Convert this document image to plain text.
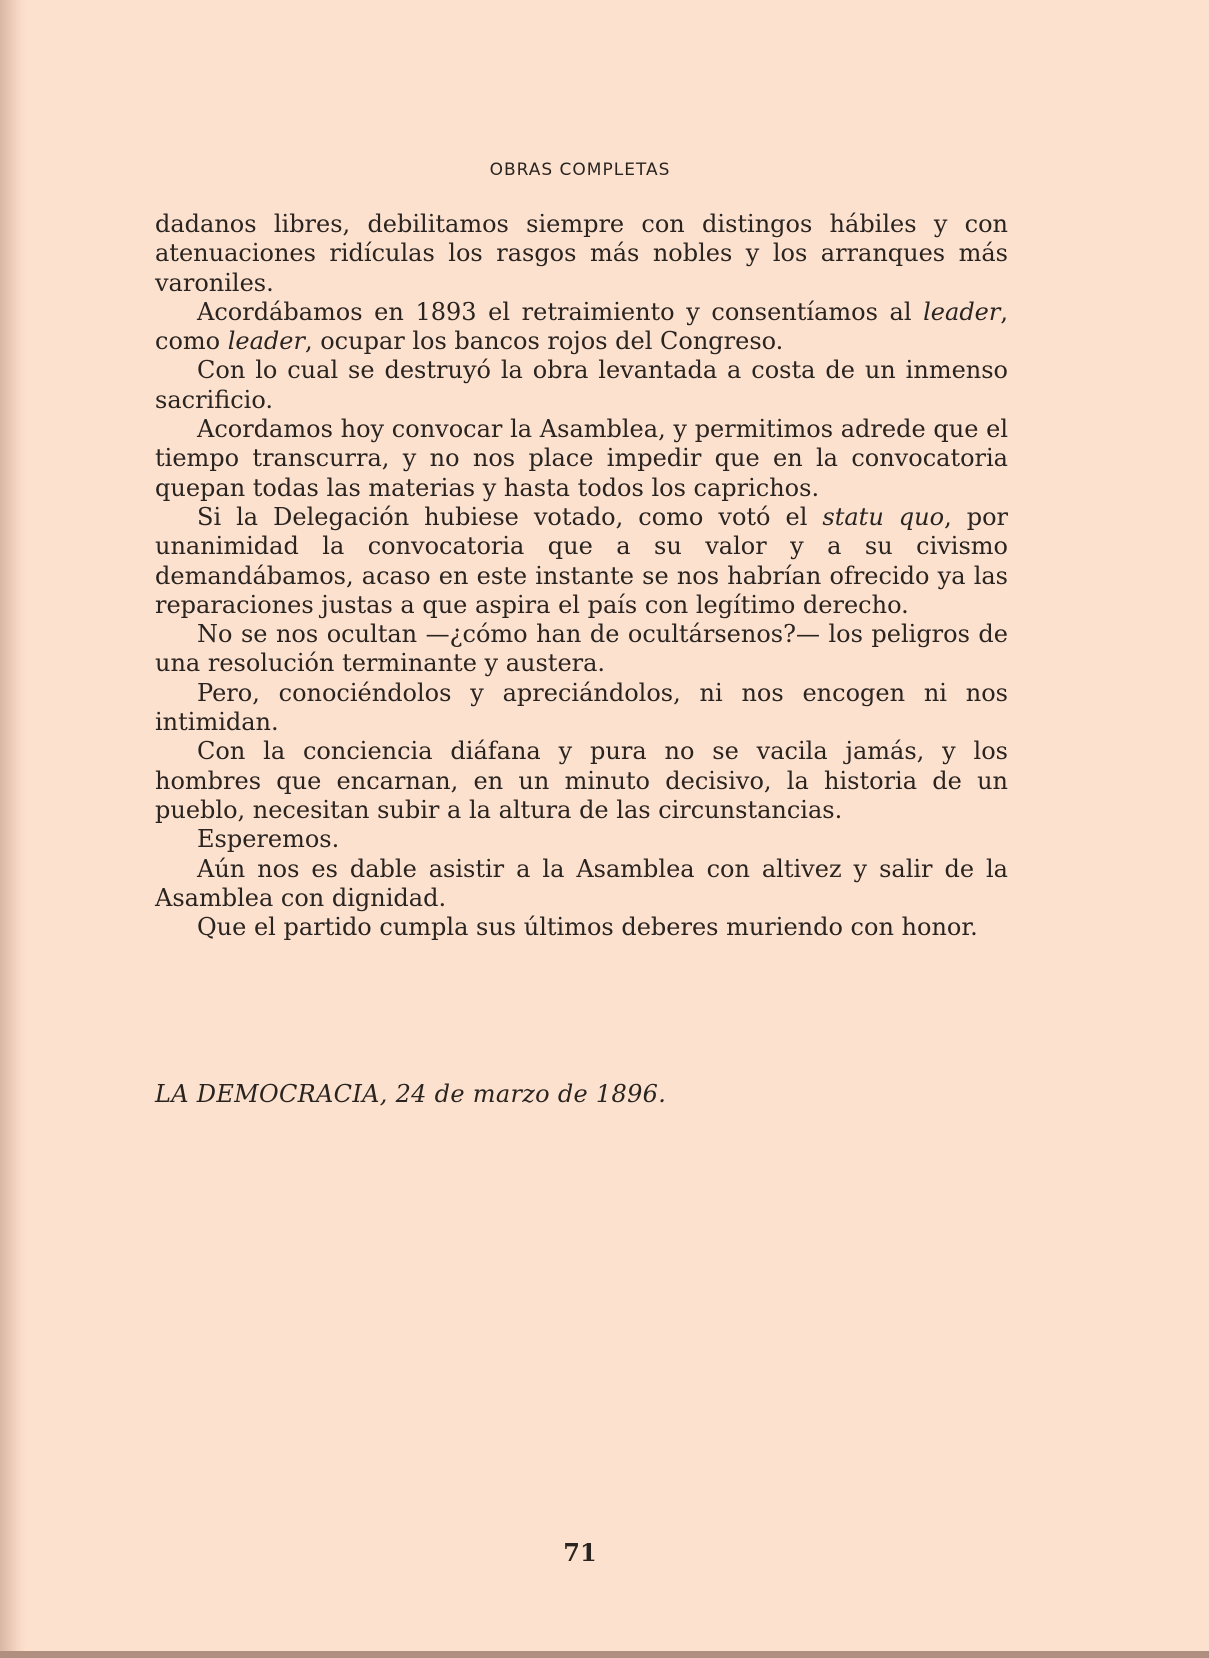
OBRAS COMPLETAS

dadanos libres, debilitamos siempre con distingos hábiles y con atenuaciones ridículas los rasgos más nobles y los arranques más varoniles.

Acordábamos en 1893 el retraimiento y consentíamos al leader, como leader, ocupar los bancos rojos del Congreso.

Con lo cual se destruyó la obra levantada a costa de un inmenso sacrificio.

Acordamos hoy convocar la Asamblea, y permitimos adrede que el tiempo transcurra, y no nos place impedir que en la convocatoria quepan todas las materias y hasta todos los caprichos.

Si la Delegación hubiese votado, como votó el statu quo, por unanimidad la convocatoria que a su valor y a su civismo demandábamos, acaso en este instante se nos habrían ofrecido ya las reparaciones justas a que aspira el país con legítimo derecho.

No se nos ocultan —¿cómo han de ocultársenos?— los peligros de una resolución terminante y austera.

Pero, conociéndolos y apreciándolos, ni nos encogen ni nos intimidan.

Con la conciencia diáfana y pura no se vacila jamás, y los hombres que encarnan, en un minuto decisivo, la historia de un pueblo, necesitan subir a la altura de las circunstancias.

Esperemos.

Aún nos es dable asistir a la Asamblea con altivez y salir de la Asamblea con dignidad.

Que el partido cumpla sus últimos deberes muriendo con honor.

LA DEMOCRACIA, 24 de marzo de 1896.
71
